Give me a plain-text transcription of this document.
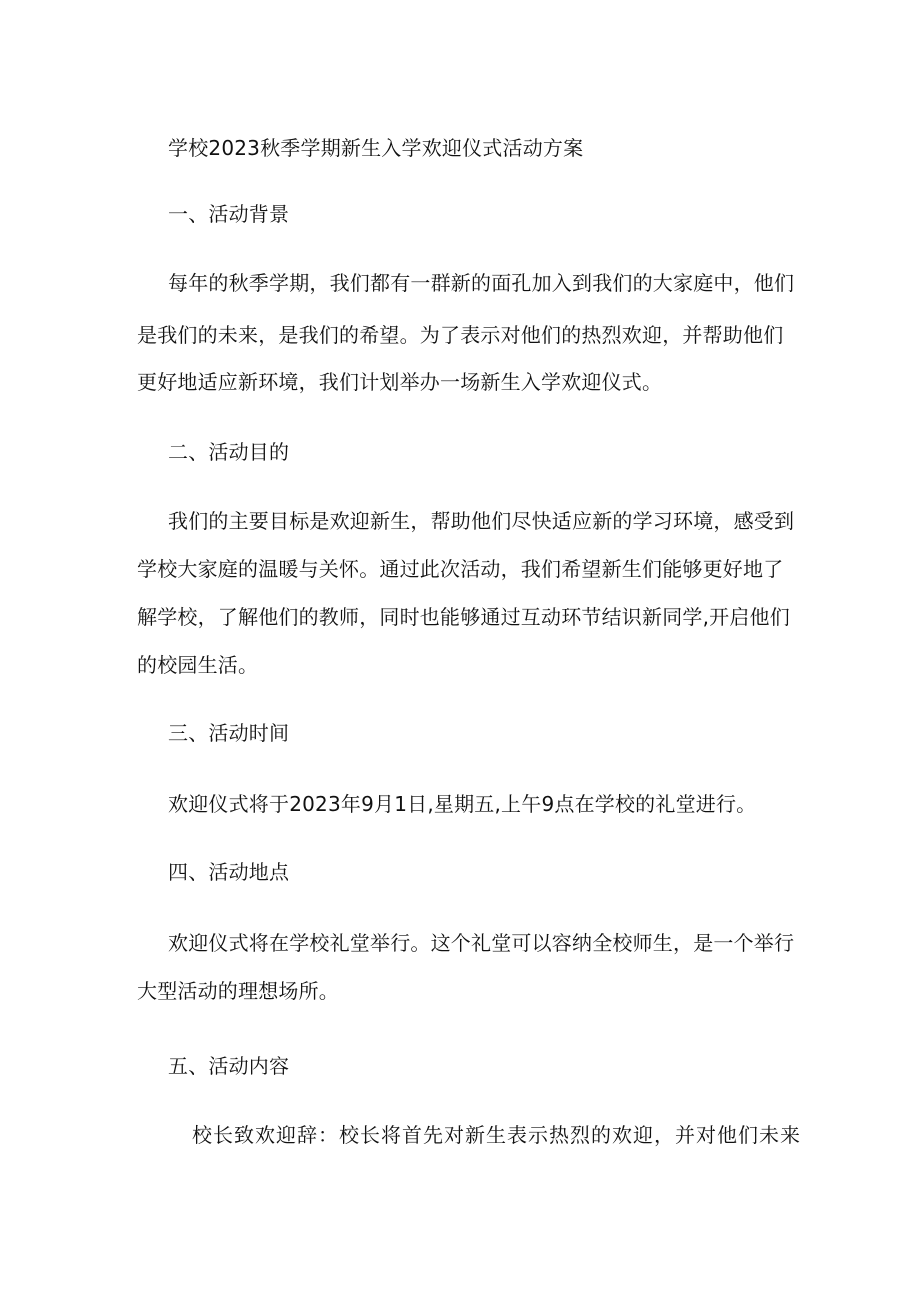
学校2023秋季学期新生入学欢迎仪式活动方案
一、活动背景
每年的秋季学期，我们都有一群新的面孔加入到我们的大家庭中，他们
是我们的未来，是我们的希望。为了表示对他们的热烈欢迎，并帮助他们
更好地适应新环境，我们计划举办一场新生入学欢迎仪式。
二、活动目的
我们的主要目标是欢迎新生，帮助他们尽快适应新的学习环境，感受到
学校大家庭的温暖与关怀。通过此次活动，我们希望新生们能够更好地了
解学校，了解他们的教师，同时也能够通过互动环节结识新同学,开启他们
的校园生活。
三、活动时间
欢迎仪式将于2023年9月1日,星期五,上午9点在学校的礼堂进行。
四、活动地点
欢迎仪式将在学校礼堂举行。这个礼堂可以容纳全校师生，是一个举行
大型活动的理想场所。
五、活动内容
校长致欢迎辞：校长将首先对新生表示热烈的欢迎，并对他们未来
